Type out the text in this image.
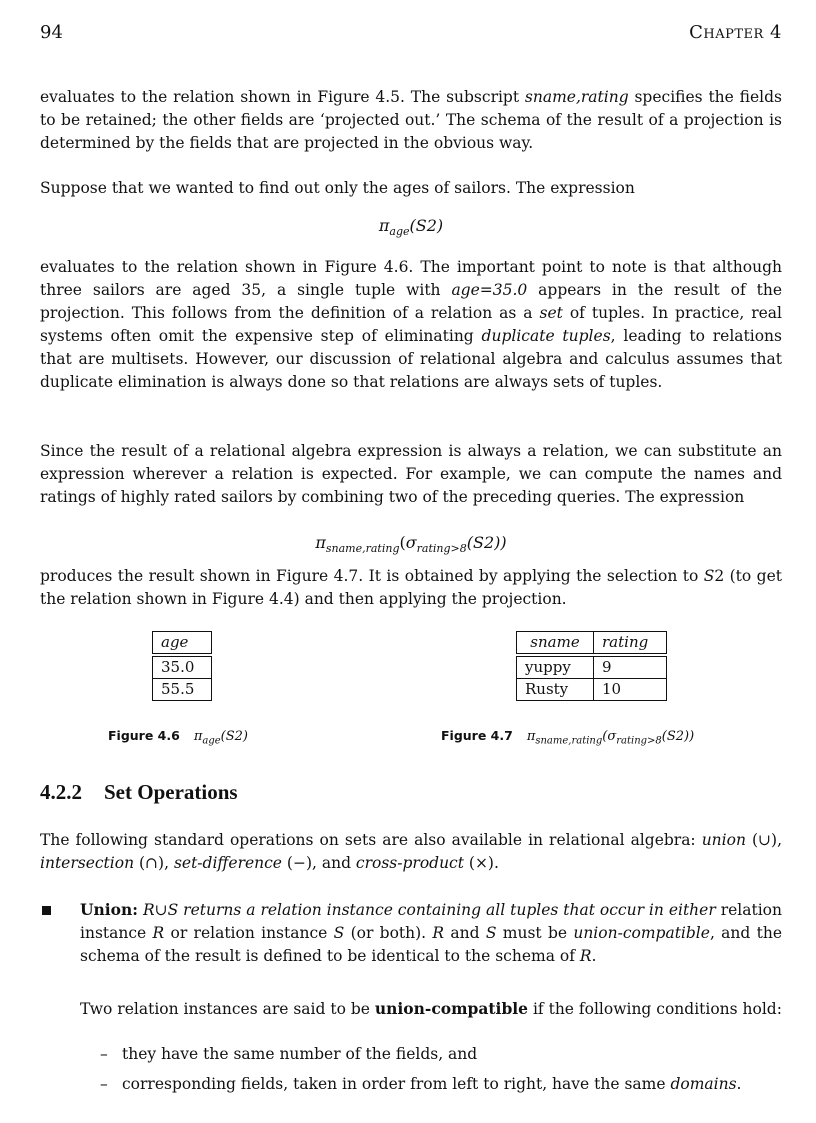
94	Chapter 4
evaluates to the relation shown in Figure 4.5. The subscript sname,rating specifies the fields to be retained; the other fields are ‘projected out.’ The schema of the result of a projection is determined by the fields that are projected in the obvious way.
Suppose that we wanted to find out only the ages of sailors. The expression
$\pi_{age}(S2)$
evaluates to the relation shown in Figure 4.6. The important point to note is that although three sailors are aged 35, a single tuple with age=35.0 appears in the result of the projection. This follows from the definition of a relation as a set of tuples. In practice, real systems often omit the expensive step of eliminating duplicate tuples, leading to relations that are multisets. However, our discussion of relational algebra and calculus assumes that duplicate elimination is always done so that relations are always sets of tuples.
Since the result of a relational algebra expression is always a relation, we can substitute an expression wherever a relation is expected. For example, we can compute the names and ratings of highly rated sailors by combining two of the preceding queries. The expression
$\pi_{sname,rating}(\sigma_{rating>8}(S2))$
produces the result shown in Figure 4.7. It is obtained by applying the selection to S2 (to get the relation shown in Figure 4.4) and then applying the projection.
age

35.0
55.5
Figure 4.6 $\pi_{age}(S2)$
sname	rating

yuppy	9
Rusty	10
Figure 4.7 $\pi_{sname,rating}(\sigma_{rating>8}(S2))$
4.2.2 Set Operations
The following standard operations on sets are also available in relational algebra: union (∪), intersection (∩), set-difference (−), and cross-product (×).
Union: R∪S returns a relation instance containing all tuples that occur in either relation instance R or relation instance S (or both). R and S must be union-compatible, and the schema of the result is defined to be identical to the schema of R.
Two relation instances are said to be union-compatible if the following conditions hold:
– they have the same number of the fields, and
– corresponding fields, taken in order from left to right, have the same domains.
